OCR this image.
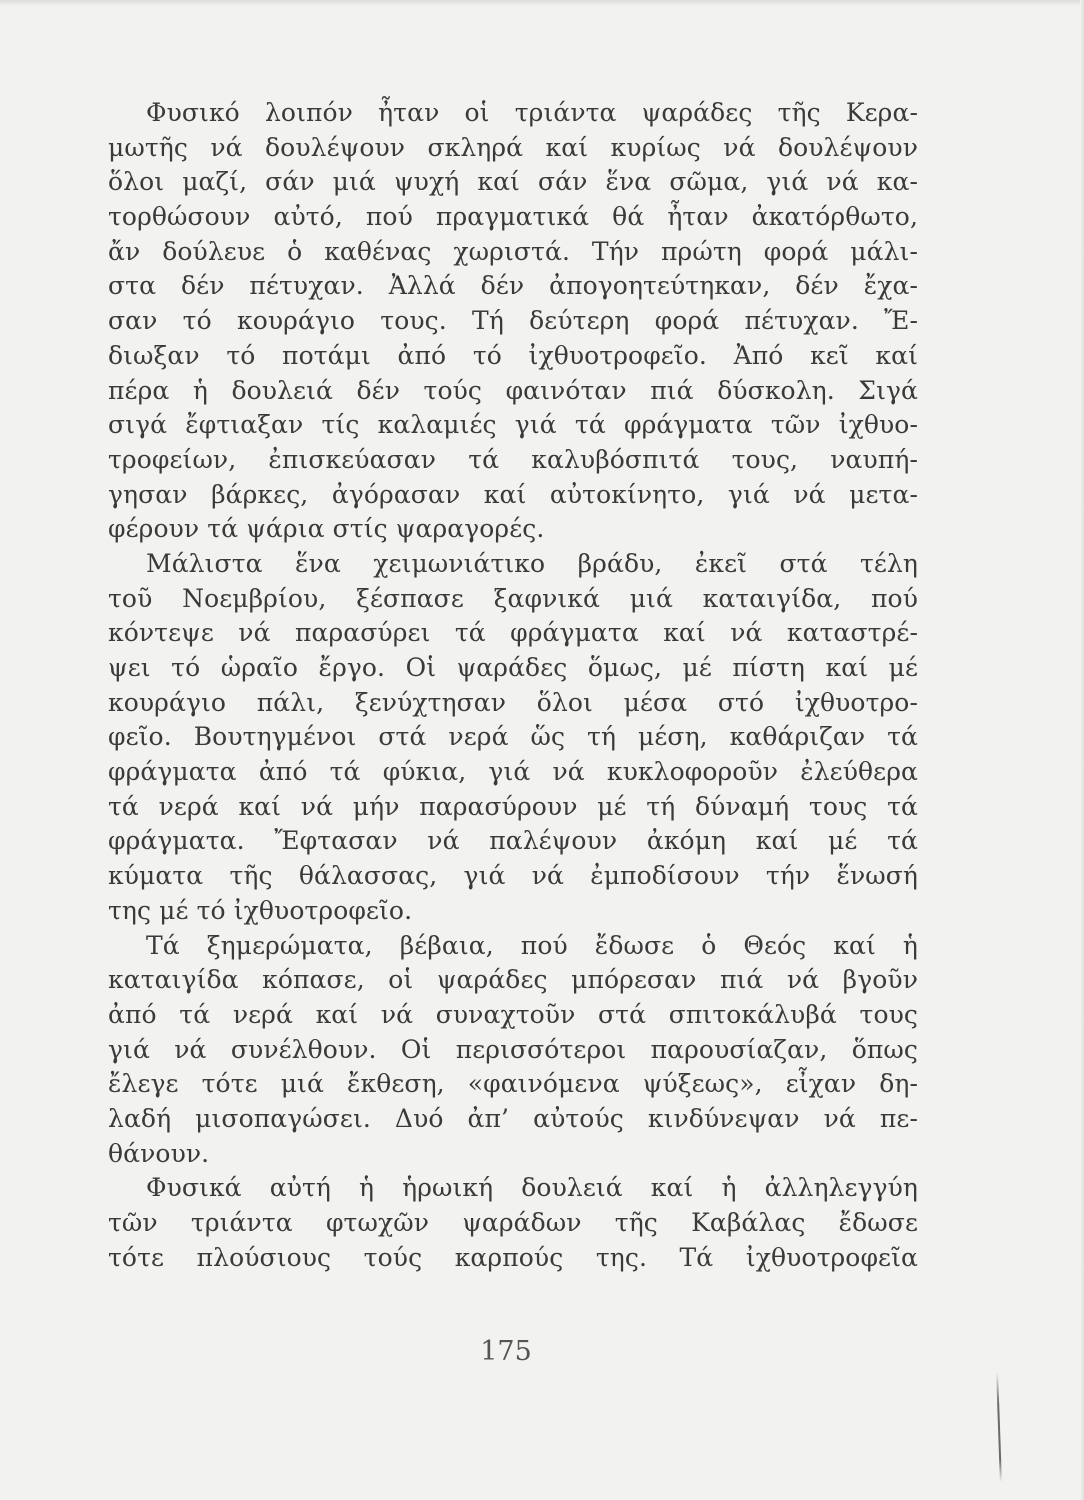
Φυσικό λοιπόν ἦταν οἱ τριάντα ψαράδες τῆς Κερα-
μωτῆς νά δουλέψουν σκληρά καί κυρίως νά δουλέψουν
ὅλοι μαζί, σάν μιά ψυχή καί σάν ἕνα σῶμα, γιά νά κα-
τορθώσουν αὐτό, πού πραγματικά θά ἦταν ἀκατόρθωτο,
ἄν δούλευε ὁ καθένας χωριστά. Τήν πρώτη φορά μάλι-
στα δέν πέτυχαν. Ἀλλά δέν ἀπογοητεύτηκαν, δέν ἔχα-
σαν τό κουράγιο τους. Τή δεύτερη φορά πέτυχαν. Ἔ-
διωξαν τό ποτάμι ἀπό τό ἰχθυοτροφεῖο. Ἀπό κεῖ καί
πέρα ἡ δουλειά δέν τούς φαινόταν πιά δύσκολη. Σιγά
σιγά ἔφτιαξαν τίς καλαμιές γιά τά φράγματα τῶν ἰχθυο-
τροφείων, ἐπισκεύασαν τά καλυβόσπιτά τους, ναυπή-
γησαν βάρκες, ἀγόρασαν καί αὐτοκίνητο, γιά νά μετα-
φέρουν τά ψάρια στίς ψαραγορές.
Μάλιστα ἕνα χειμωνιάτικο βράδυ, ἐκεῖ στά τέλη
τοῦ Νοεμβρίου, ξέσπασε ξαφνικά μιά καταιγίδα, πού
κόντεψε νά παρασύρει τά φράγματα καί νά καταστρέ-
ψει τό ὡραῖο ἔργο. Οἱ ψαράδες ὅμως, μέ πίστη καί μέ
κουράγιο πάλι, ξενύχτησαν ὅλοι μέσα στό ἰχθυοτρο-
φεῖο. Βουτηγμένοι στά νερά ὥς τή μέση, καθάριζαν τά
φράγματα ἀπό τά φύκια, γιά νά κυκλοφοροῦν ἐλεύθερα
τά νερά καί νά μήν παρασύρουν μέ τή δύναμή τους τά
φράγματα. Ἔφτασαν νά παλέψουν ἀκόμη καί μέ τά
κύματα τῆς θάλασσας, γιά νά ἐμποδίσουν τήν ἕνωσή
της μέ τό ἰχθυοτροφεῖο.
Τά ξημερώματα, βέβαια, πού ἔδωσε ὁ Θεός καί ἡ
καταιγίδα κόπασε, οἱ ψαράδες μπόρεσαν πιά νά βγοῦν
ἀπό τά νερά καί νά συναχτοῦν στά σπιτοκάλυβά τους
γιά νά συνέλθουν. Οἱ περισσότεροι παρουσίαζαν, ὅπως
ἔλεγε τότε μιά ἔκθεση, «φαινόμενα ψύξεως», εἶχαν δη-
λαδή μισοπαγώσει. Δυό ἀπ’ αὐτούς κινδύνεψαν νά πε-
θάνουν.
Φυσικά αὐτή ἡ ἡρωική δουλειά καί ἡ ἀλληλεγγύη
τῶν τριάντα φτωχῶν ψαράδων τῆς Καβάλας ἔδωσε
τότε πλούσιους τούς καρπούς της. Τά ἰχθυοτροφεῖα
175
